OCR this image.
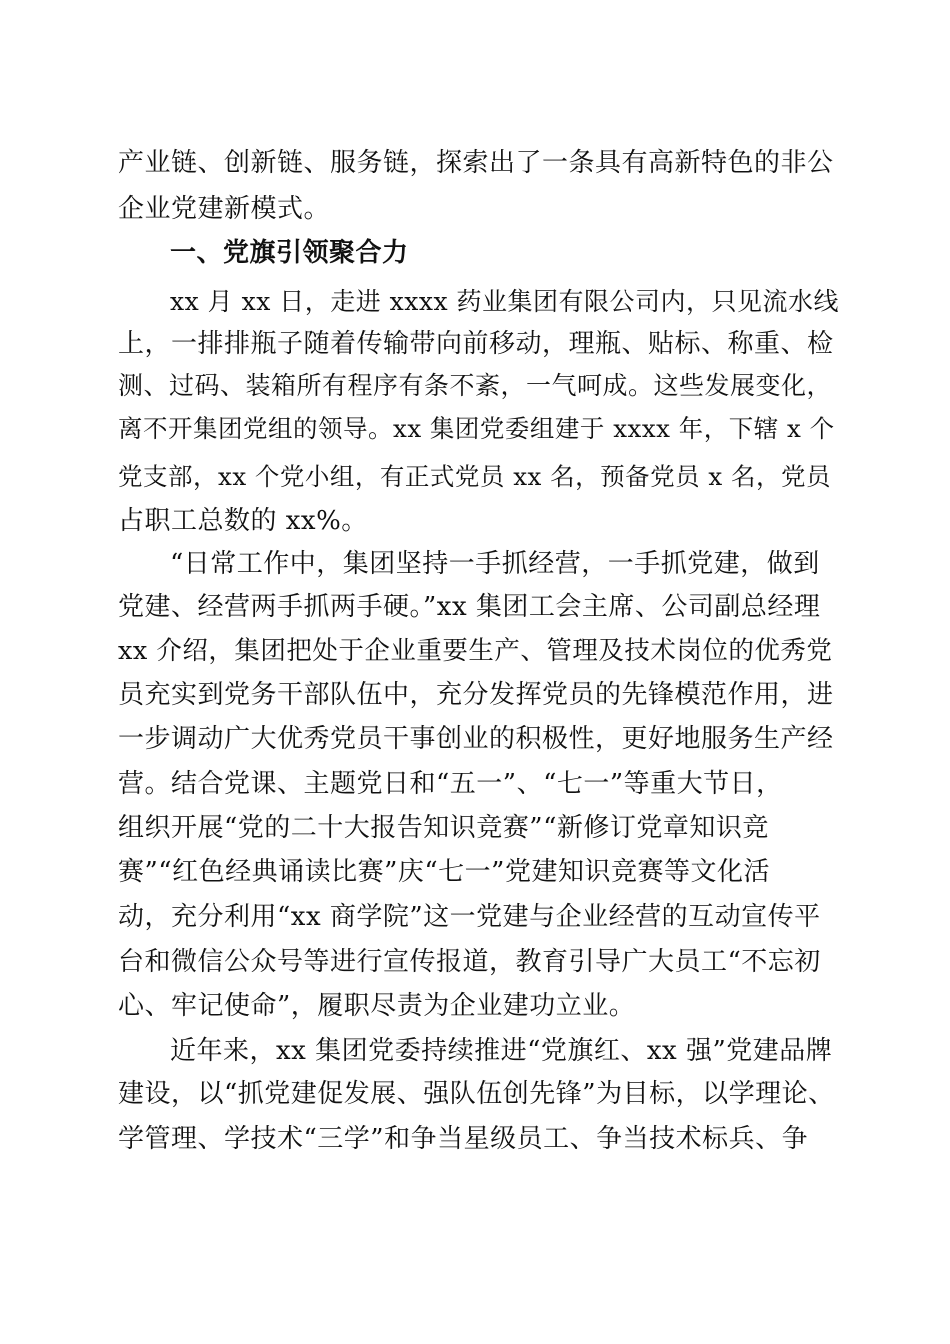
产业链、创新链、服务链，探索出了一条具有高新特色的非公
企业党建新模式。
一、党旗引领聚合力
xx 月 xx 日，走进 xxxx 药业集团有限公司内，只见流水线
上，一排排瓶子随着传输带向前移动，理瓶、贴标、称重、检
测、过码、装箱所有程序有条不紊，一气呵成。这些发展变化，
离不开集团党组的领导。xx 集团党委组建于 xxxx 年，下辖 x 个
党支部，xx 个党小组，有正式党员 xx 名，预备党员 x 名，党员
占职工总数的 xx%。
“日常工作中，集团坚持一手抓经营，一手抓党建，做到
党建、经营两手抓两手硬。”xx 集团工会主席、公司副总经理
xx 介绍，集团把处于企业重要生产、管理及技术岗位的优秀党
员充实到党务干部队伍中，充分发挥党员的先锋模范作用，进
一步调动广大优秀党员干事创业的积极性，更好地服务生产经
营。结合党课、主题党日和“五一”、“七一”等重大节日，
组织开展“党的二十大报告知识竞赛”“新修订党章知识竞
赛”“红色经典诵读比赛”庆“七一”党建知识竞赛等文化活
动，充分利用“xx 商学院”这一党建与企业经营的互动宣传平
台和微信公众号等进行宣传报道，教育引导广大员工“不忘初
心、牢记使命”，履职尽责为企业建功立业。
近年来，xx 集团党委持续推进“党旗红、xx 强”党建品牌
建设，以“抓党建促发展、强队伍创先锋”为目标，以学理论、
学管理、学技术“三学”和争当星级员工、争当技术标兵、争
